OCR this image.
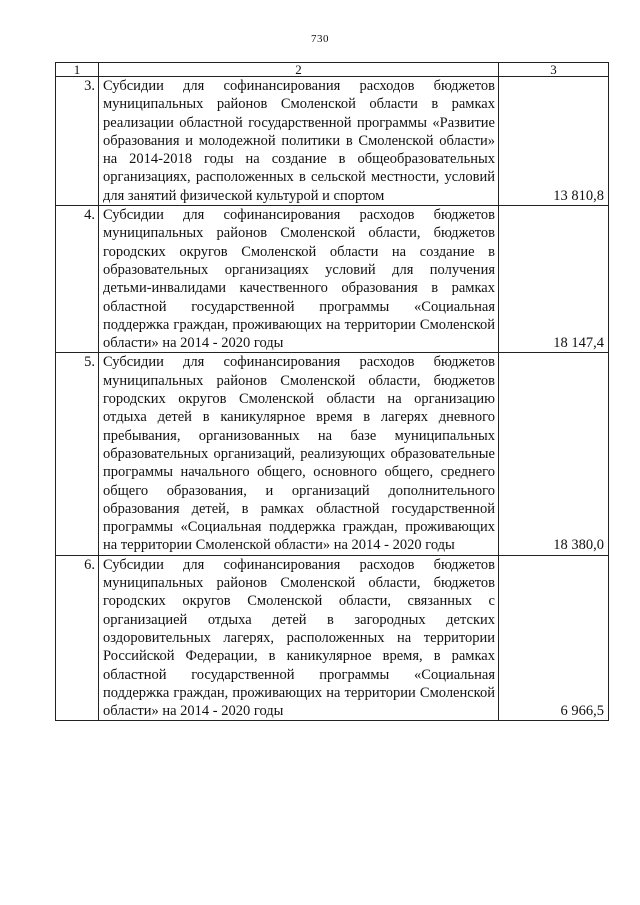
730
1	2	3
3.	Субсидии для софинансирования расходов бюджетов муниципальных районов Смоленской области в рамках реализации областной государственной программы «Развитие образования и молодежной политики в Смоленской области» на 2014-2018 годы на создание в общеобразовательных организациях, расположенных в сельской местности, условий для занятий физической культурой и спортом	13 810,8
4.	Субсидии для софинансирования расходов бюджетов муниципальных районов Смоленской области, бюджетов городских округов Смоленской области на создание в образовательных организациях условий для получения детьми-инвалидами качественного образования в рамках областной государственной программы «Социальная поддержка граждан, проживающих на территории Смоленской области» на 2014 - 2020 годы	18 147,4
5.	Субсидии для софинансирования расходов бюджетов муниципальных районов Смоленской области, бюджетов городских округов Смоленской области на организацию отдыха детей в каникулярное время в лагерях дневного пребывания, организованных на базе муниципальных образовательных организаций, реализующих образовательные программы начального общего, основного общего, среднего общего образования, и организаций дополнительного образования детей, в рамках областной государственной программы «Социальная поддержка граждан, проживающих на территории Смоленской области» на 2014 - 2020 годы	18 380,0
6.	Субсидии для софинансирования расходов бюджетов муниципальных районов Смоленской области, бюджетов городских округов Смоленской области, связанных с организацией отдыха детей в загородных детских оздоровительных лагерях, расположенных на территории Российской Федерации, в каникулярное время, в рамках областной государственной программы «Социальная поддержка граждан, проживающих на территории Смоленской области» на 2014 - 2020 годы	6 966,5
